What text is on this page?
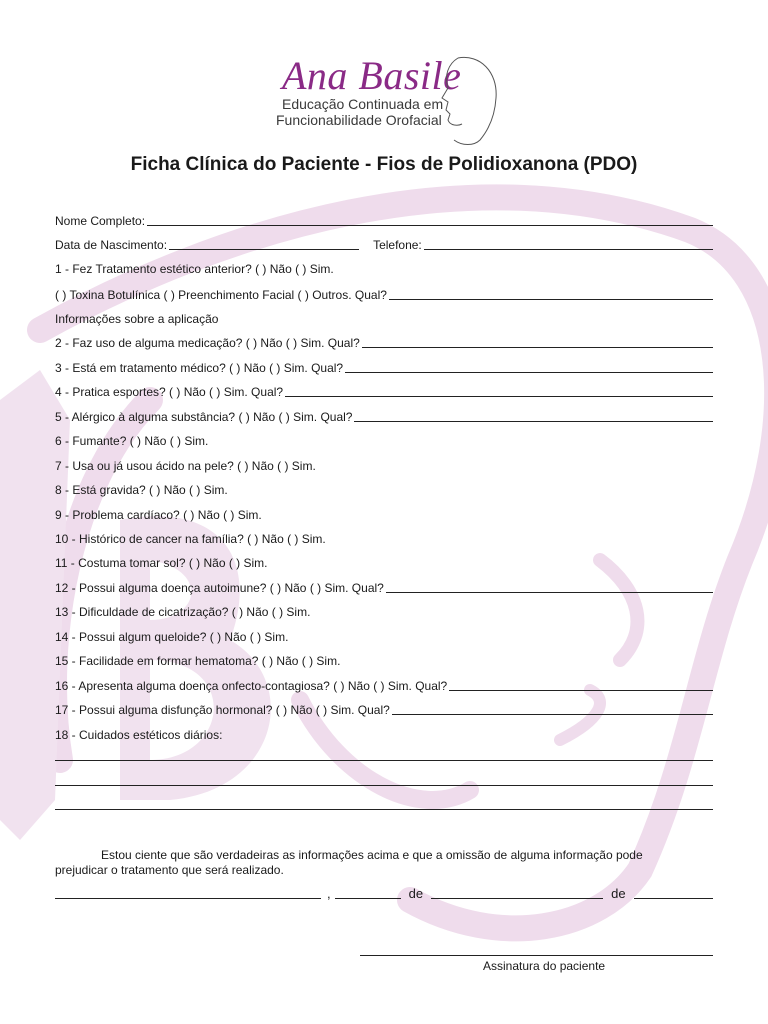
Ana Basile
Educação Continuada em
Funcionabilidade Orofacial
Ficha Clínica do Paciente - Fios de Polidioxanona (PDO)
Nome Completo:
Data de Nascimento:	Telefone:
1 - Fez Tratamento estético anterior? ( ) Não ( ) Sim.
( ) Toxina Botulínica ( ) Preenchimento Facial ( ) Outros. Qual?
Informações sobre a aplicação
2 - Faz uso de alguma medicação? ( ) Não ( ) Sim. Qual?
3 - Está em tratamento médico? ( ) Não ( ) Sim. Qual?
4 - Pratica esportes? ( ) Não ( ) Sim. Qual?
5 - Alérgico à alguma substância? ( ) Não ( ) Sim. Qual?
6 - Fumante? ( ) Não ( ) Sim.
7 - Usa ou já usou ácido na pele? ( ) Não ( ) Sim.
8 - Está gravida? ( ) Não ( ) Sim.
9 - Problema cardíaco? ( ) Não ( ) Sim.
10 - Histórico de cancer na família? ( ) Não ( ) Sim.
11 - Costuma tomar sol? ( ) Não ( ) Sim.
12 - Possui alguma doença autoimune? ( ) Não ( ) Sim. Qual?
13 - Dificuldade de cicatrização? ( ) Não ( ) Sim.
14 - Possui algum queloide? ( ) Não ( ) Sim.
15 - Facilidade em formar hematoma? ( ) Não ( ) Sim.
16 - Apresenta alguma doença onfecto-contagiosa? ( ) Não ( ) Sim. Qual?
17 - Possui alguma disfunção hormonal? ( ) Não ( ) Sim. Qual?
18 - Cuidados estéticos diários:
Estou ciente que são verdadeiras as informações acima e que a omissão de alguma informação pode
prejudicar o tratamento que será realizado.
,	de	de
Assinatura do paciente
